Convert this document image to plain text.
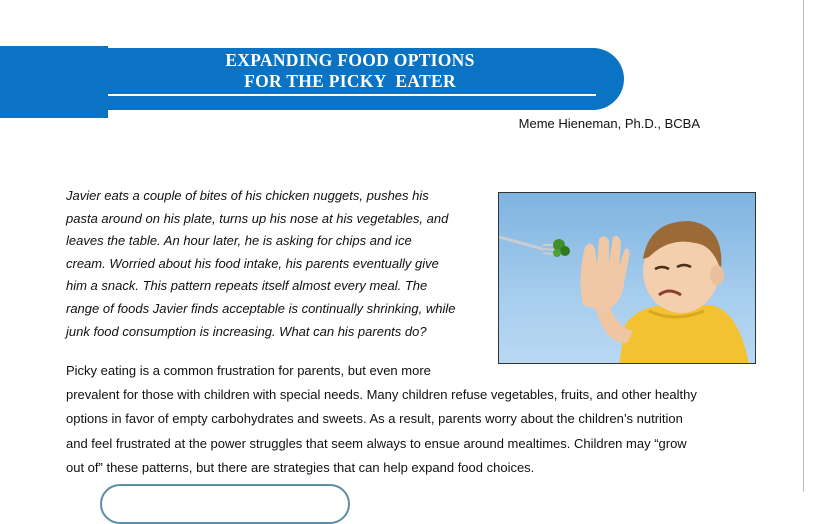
EXPANDING FOOD OPTIONS
FOR THE PICKY  EATER
Meme Hieneman, Ph.D., BCBA
Javier eats a couple of bites of his chicken nuggets, pushes his
pasta around on his plate, turns up his nose at his vegetables, and
leaves the table. An hour later, he is asking for chips and ice
cream. Worried about his food intake, his parents eventually give
him a snack. This pattern repeats itself almost every meal. The
range of foods Javier finds acceptable is continually shrinking, while
junk food consumption is increasing. What can his parents do?
Picky eating is a common frustration for parents, but even more
prevalent for those with children with special needs. Many children refuse vegetables, fruits, and other healthy
options in favor of empty carbohydrates and sweets. As a result, parents worry about the children’s nutrition
and feel frustrated at the power struggles that seem always to ensue around mealtimes. Children may “grow
out of” these patterns, but there are strategies that can help expand food choices.
